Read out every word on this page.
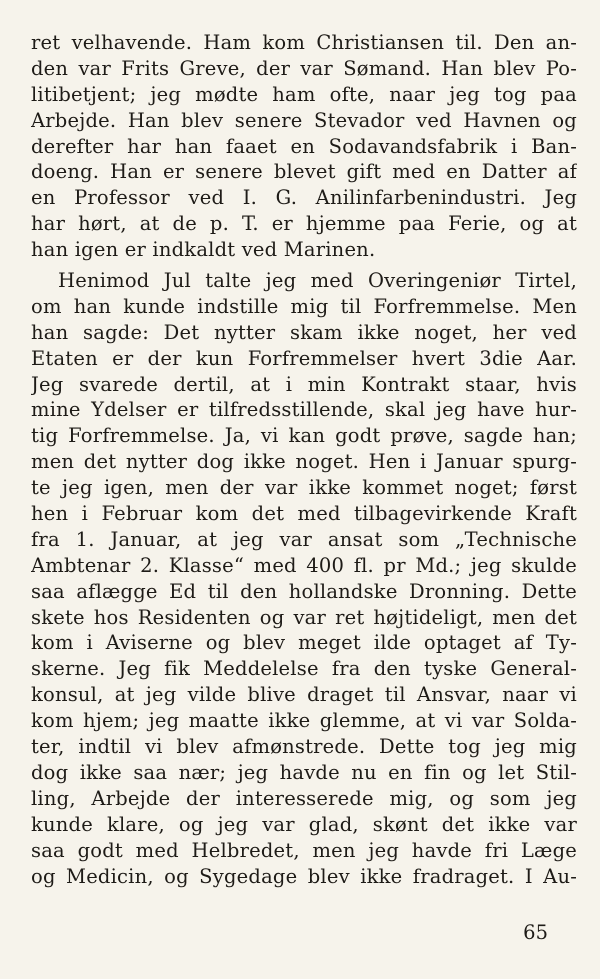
ret velhavende. Ham kom Christiansen til. Den an-
den var Frits Greve, der var Sømand. Han blev Po-
litibetjent; jeg mødte ham ofte, naar jeg tog paa
Arbejde. Han blev senere Stevador ved Havnen og
derefter har han faaet en Sodavandsfabrik i Ban-
doeng. Han er senere blevet gift med en Datter af
en Professor ved I. G. Anilinfarbenindustri. Jeg
har hørt, at de p. T. er hjemme paa Ferie, og at
han igen er indkaldt ved Marinen.
Henimod Jul talte jeg med Overingeniør Tirtel,
om han kunde indstille mig til Forfremmelse. Men
han sagde: Det nytter skam ikke noget, her ved
Etaten er der kun Forfremmelser hvert 3die Aar.
Jeg svarede dertil, at i min Kontrakt staar, hvis
mine Ydelser er tilfredsstillende, skal jeg have hur-
tig Forfremmelse. Ja, vi kan godt prøve, sagde han;
men det nytter dog ikke noget. Hen i Januar spurg-
te jeg igen, men der var ikke kommet noget; først
hen i Februar kom det med tilbagevirkende Kraft
fra 1. Januar, at jeg var ansat som „Technische
Ambtenar 2. Klasse“ med 400 fl. pr Md.; jeg skulde
saa aflægge Ed til den hollandske Dronning. Dette
skete hos Residenten og var ret højtideligt, men det
kom i Aviserne og blev meget ilde optaget af Ty-
skerne. Jeg fik Meddelelse fra den tyske General-
konsul, at jeg vilde blive draget til Ansvar, naar vi
kom hjem; jeg maatte ikke glemme, at vi var Solda-
ter, indtil vi blev afmønstrede. Dette tog jeg mig
dog ikke saa nær; jeg havde nu en fin og let Stil-
ling, Arbejde der interesserede mig, og som jeg
kunde klare, og jeg var glad, skønt det ikke var
saa godt med Helbredet, men jeg havde fri Læge
og Medicin, og Sygedage blev ikke fradraget. I Au-
65
